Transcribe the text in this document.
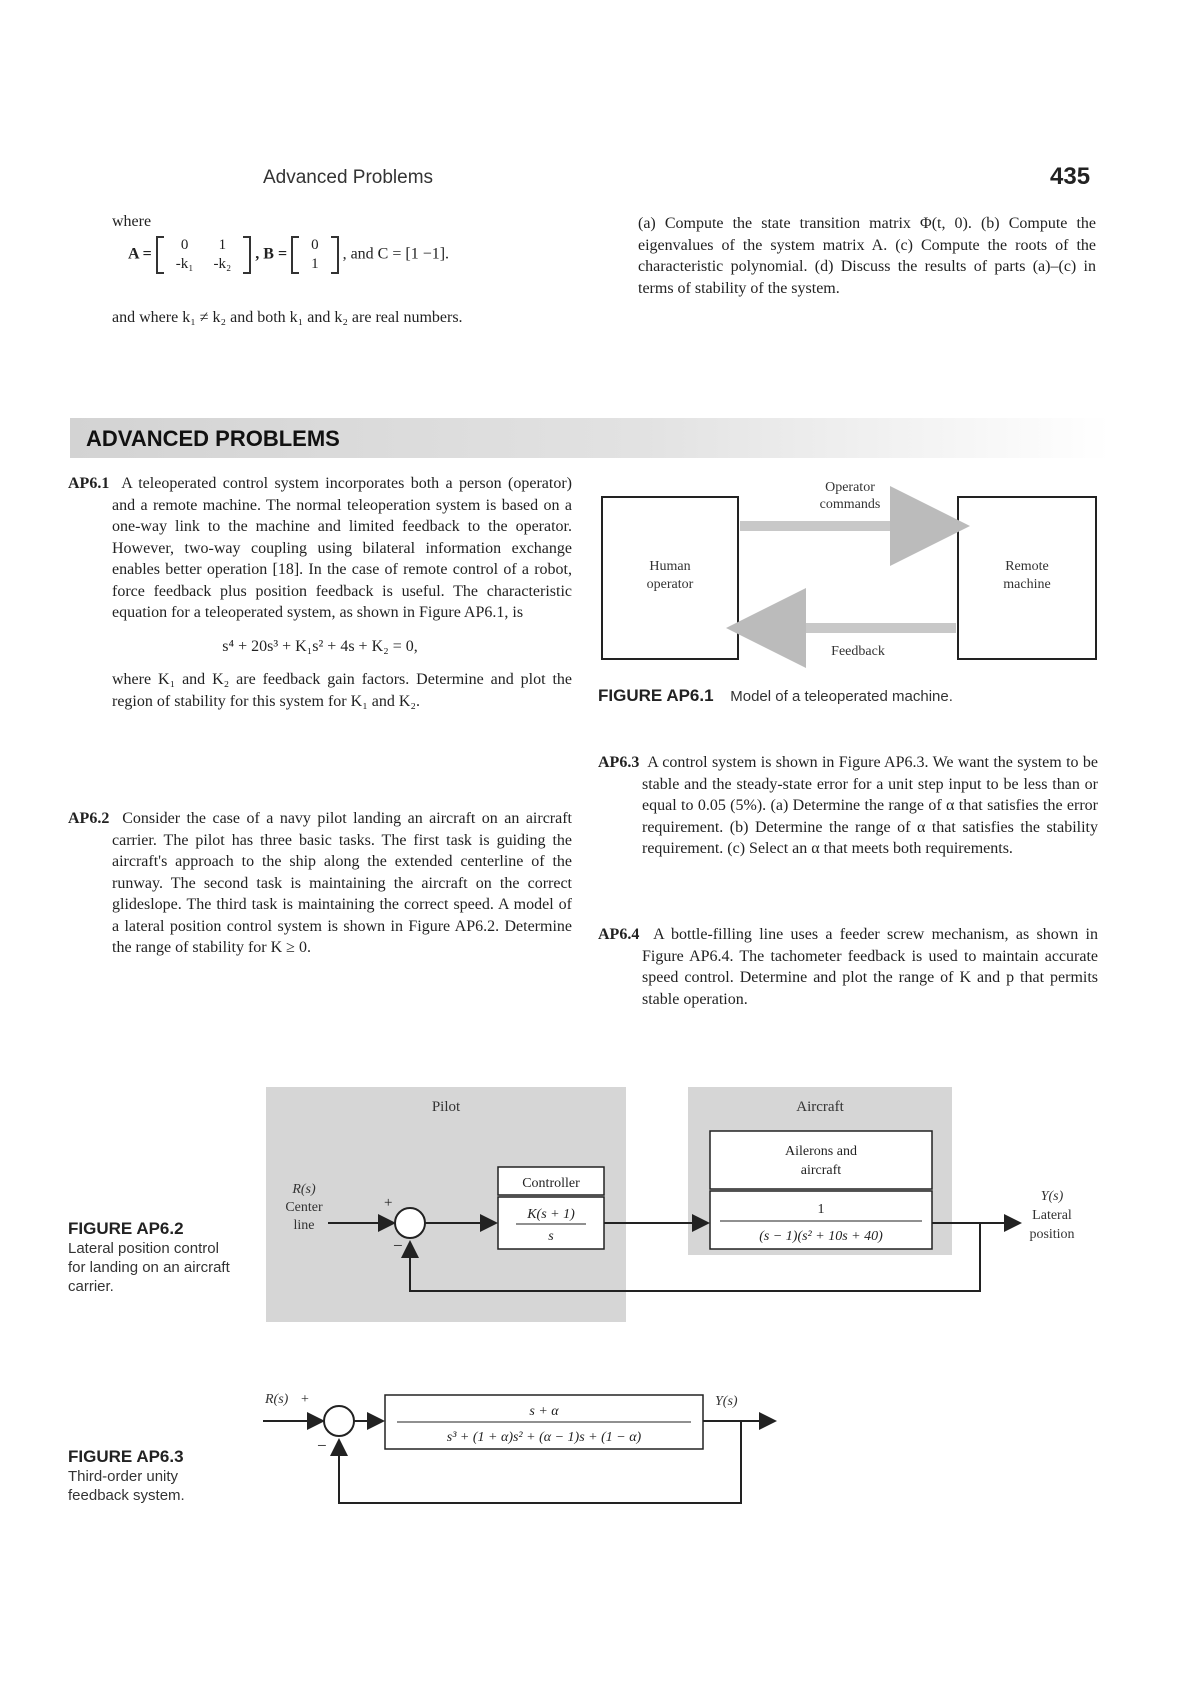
Advanced Problems	435
where
A =
0	1
-k₁	-k₂
, B =
0
1
, and C = [1 −1].
and where k₁ ≠ k₂ and both k₁ and k₂ are real numbers.
(a) Compute the state transition matrix Φ(t, 0). (b) Compute the eigenvalues of the system matrix A. (c) Compute the roots of the characteristic polynomial. (d) Discuss the results of parts (a)–(c) in terms of stability of the system.
ADVANCED PROBLEMS

AP6.1 A teleoperated control system incorporates both a person (operator) and a remote machine. The normal teleoperation system is based on a one-way link to the machine and limited feedback to the operator. However, two-way coupling using bilateral information exchange enables better operation [18]. In the case of remote control of a robot, force feedback plus position feedback is useful. The characteristic equation for a teleoperated system, as shown in Figure AP6.1, is

s⁴ + 20s³ + K₁s² + 4s + K₂ = 0,

where K₁ and K₂ are feedback gain factors. Determine and plot the region of stability for this system for K₁ and K₂.

AP6.2 Consider the case of a navy pilot landing an aircraft on an aircraft carrier. The pilot has three basic tasks. The first task is guiding the aircraft's approach to the ship along the extended centerline of the runway. The second task is maintaining the aircraft on the correct glideslope. The third task is maintaining the correct speed. A model of a lateral position control system is shown in Figure AP6.2. Determine the range of stability for K ≥ 0.

Operator
commands
Human
operator
Remote
machine
Feedback
FIGURE AP6.1 Model of a teleoperated machine.

AP6.3 A control system is shown in Figure AP6.3. We want the system to be stable and the steady-state error for a unit step input to be less than or equal to 0.05 (5%). (a) Determine the range of α that satisfies the error requirement. (b) Determine the range of α that satisfies the stability requirement. (c) Select an α that meets both requirements.

AP6.4 A bottle-filling line uses a feeder screw mechanism, as shown in Figure AP6.4. The tachometer feedback is used to maintain accurate speed control. Determine and plot the range of K and p that permits stable operation.

Pilot	Aircraft
R(s)
Center
line
+
−
Controller
K(s + 1)
s
Ailerons and
aircraft
1
(s − 1)(s² + 10s + 40)
Y(s)
Lateral
position
FIGURE AP6.2
Lateral position control for landing on an aircraft carrier.
R(s) +
−
s + α
s³ + (1 + α)s² + (α − 1)s + (1 − α)
Y(s)
FIGURE AP6.3
Third-order unity feedback system.
